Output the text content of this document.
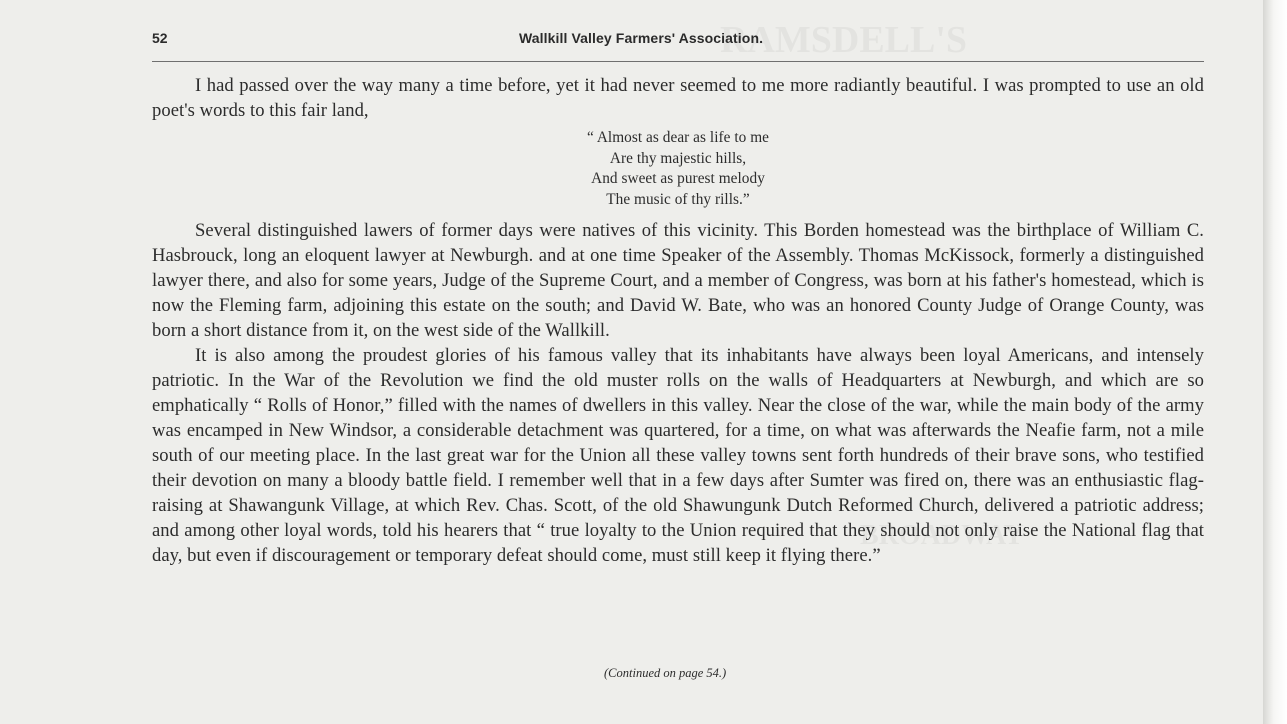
52	Wallkill Valley Farmers' Association.

I had passed over the way many a time before, yet it had never seemed to me more radiantly beautiful. I was prompted to use an old poet's words to this fair land,

“ Almost as dear as life to me
Are thy majestic hills,
And sweet as purest melody
The music of thy rills.”

Several distinguished lawers of former days were natives of this vicinity. This Borden homestead was the birthplace of William C. Hasbrouck, long an eloquent lawyer at Newburgh. and at one time Speaker of the Assembly. Thomas McKissock, formerly a distinguished lawyer there, and also for some years, Judge of the Supreme Court, and a member of Congress, was born at his father's homestead, which is now the Fleming farm, adjoining this estate on the south; and David W. Bate, who was an honored County Judge of Orange County, was born a short distance from it, on the west side of the Wallkill.

It is also among the proudest glories of his famous valley that its inhabitants have always been loyal Americans, and intensely patriotic. In the War of the Revolution we find the old muster rolls on the walls of Headquarters at Newburgh, and which are so emphatically “ Rolls of Honor,” filled with the names of dwellers in this valley. Near the close of the war, while the main body of the army was encamped in New Windsor, a considerable detachment was quartered, for a time, on what was afterwards the Neafie farm, not a mile south of our meeting place. In the last great war for the Union all these valley towns sent forth hundreds of their brave sons, who testified their devotion on many a bloody battle field. I remember well that in a few days after Sumter was fired on, there was an enthusiastic flag-raising at Shawangunk Village, at which Rev. Chas. Scott, of the old Shawungunk Dutch Reformed Church, delivered a patriotic address; and among other loyal words, told his hearers that “ true loyalty to the Union required that they should not only raise the National flag that day, but even if discouragement or temporary defeat should come, must still keep it flying there.”

(Continued on page 54.)
